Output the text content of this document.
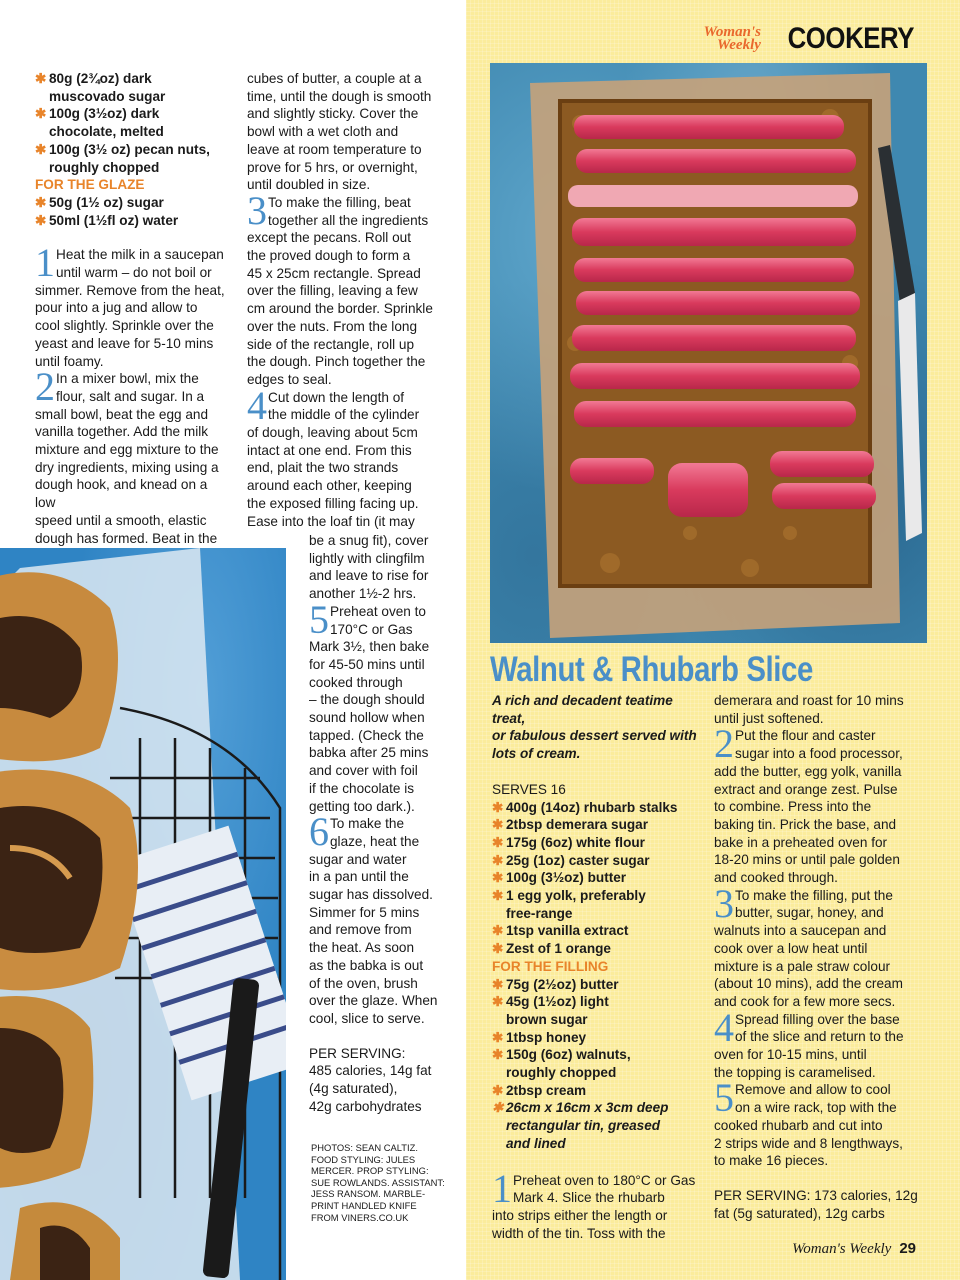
Woman's
Weekly COOKERY
✱ 80g (2¾oz) dark
muscovado sugar
✱ 100g (3½oz) dark
chocolate, melted
✱ 100g (3½ oz) pecan nuts,
roughly chopped
FOR THE GLAZE
✱ 50g (1½ oz) sugar
✱ 50ml (1½fl oz) water
1 Heat the milk in a saucepan
until warm – do not boil or
simmer. Remove from the heat,
pour into a jug and allow to
cool slightly. Sprinkle over the
yeast and leave for 5-10 mins
until foamy.
2 In a mixer bowl, mix the
flour, salt and sugar. In a
small bowl, beat the egg and
vanilla together. Add the milk
mixture and egg mixture to the
dry ingredients, mixing using a
dough hook, and knead on a low
speed until a smooth, elastic
dough has formed. Beat in the
cubes of butter, a couple at a
time, until the dough is smooth
and slightly sticky. Cover the
bowl with a wet cloth and
leave at room temperature to
prove for 5 hrs, or overnight,
until doubled in size.
3 To make the filling, beat
together all the ingredients
except the pecans. Roll out
the proved dough to form a
45 x 25cm rectangle. Spread
over the filling, leaving a few
cm around the border. Sprinkle
over the nuts. From the long
side of the rectangle, roll up
the dough. Pinch together the
edges to seal.
4 Cut down the length of
the middle of the cylinder
of dough, leaving about 5cm
intact at one end. From this
end, plait the two strands
around each other, keeping
the exposed filling facing up.
Ease into the loaf tin (it may
be a snug fit), cover
lightly with clingfilm
and leave to rise for
another 1½-2 hrs.
5 Preheat oven to
170°C or Gas
Mark 3½, then bake
for 45-50 mins until
cooked through
– the dough should
sound hollow when
tapped. (Check the
babka after 25 mins
and cover with foil
if the chocolate is
getting too dark.).
6 To make the
glaze, heat the
sugar and water
in a pan until the
sugar has dissolved.
Simmer for 5 mins
and remove from
the heat. As soon
as the babka is out
of the oven, brush
over the glaze. When
cool, slice to serve.
PER SERVING:
485 calories, 14g fat
(4g saturated),
42g carbohydrates
PHOTOS: SEAN CALTIZ.
FOOD STYLING: JULES
MERCER. PROP STYLING:
SUE ROWLANDS. ASSISTANT:
JESS RANSOM. MARBLE-
PRINT HANDLED KNIFE
FROM VINERS.CO.UK
Walnut & Rhubarb Slice
A rich and decadent teatime treat,
or fabulous dessert served with
lots of cream.
SERVES 16
✱ 400g (14oz) rhubarb stalks
✱ 2tbsp demerara sugar
✱ 175g (6oz) white flour
✱ 25g (1oz) caster sugar
✱ 100g (3½oz) butter
✱ 1 egg yolk, preferably
free-range
✱ 1tsp vanilla extract
✱ Zest of 1 orange
FOR THE FILLING
✱ 75g (2½oz) butter
✱ 45g (1½oz) light
brown sugar
✱ 1tbsp honey
✱ 150g (6oz) walnuts,
roughly chopped
✱ 2tbsp cream
✱ 26cm x 16cm x 3cm deep
rectangular tin, greased
and lined
1 Preheat oven to 180°C or Gas
Mark 4. Slice the rhubarb
into strips either the length or
width of the tin. Toss with the
demerara and roast for 10 mins
until just softened.
2 Put the flour and caster
sugar into a food processor,
add the butter, egg yolk, vanilla
extract and orange zest. Pulse
to combine. Press into the
baking tin. Prick the base, and
bake in a preheated oven for
18-20 mins or until pale golden
and cooked through.
3 To make the filling, put the
butter, sugar, honey, and
walnuts into a saucepan and
cook over a low heat until
mixture is a pale straw colour
(about 10 mins), add the cream
and cook for a few more secs.
4 Spread filling over the base
of the slice and return to the
oven for 10-15 mins, until
the topping is caramelised.
5 Remove and allow to cool
on a wire rack, top with the
cooked rhubarb and cut into
2 strips wide and 8 lengthways,
to make 16 pieces.
PER SERVING: 173 calories, 12g
fat (5g saturated), 12g carbs
Woman's Weekly 29
